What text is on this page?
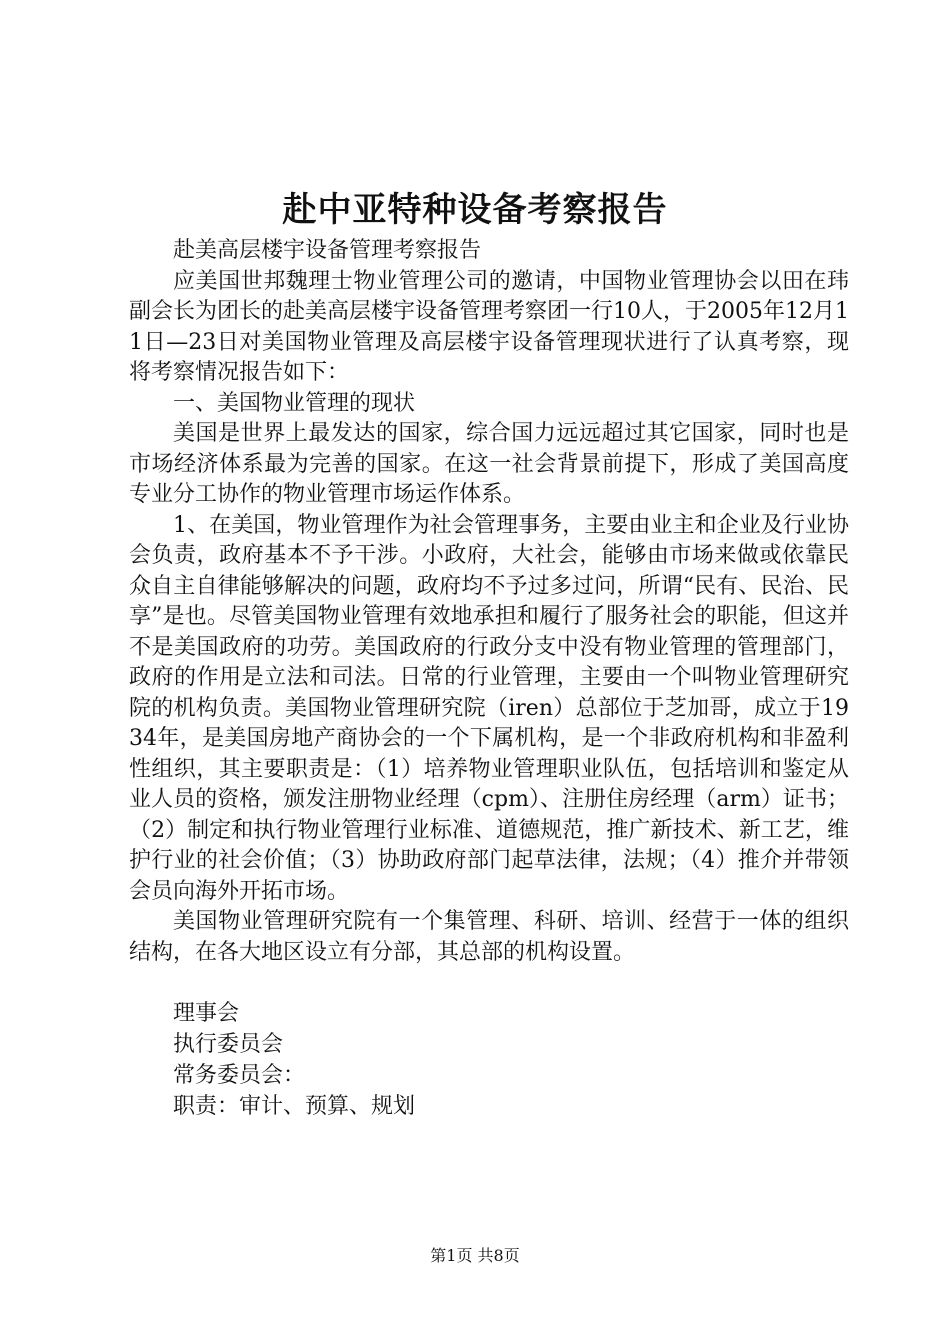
赴中亚特种设备考察报告

赴美高层楼宇设备管理考察报告

应美国世邦魏理士物业管理公司的邀请，中国物业管理协会以田在玮副会长为团长的赴美高层楼宇设备管理考察团一行10人，于2005年12月11日—23日对美国物业管理及高层楼宇设备管理现状进行了认真考察，现将考察情况报告如下：

一、美国物业管理的现状

美国是世界上最发达的国家，综合国力远远超过其它国家，同时也是市场经济体系最为完善的国家。在这一社会背景前提下，形成了美国高度专业分工协作的物业管理市场运作体系。

1、在美国，物业管理作为社会管理事务，主要由业主和企业及行业协会负责，政府基本不予干涉。小政府，大社会，能够由市场来做或依靠民众自主自律能够解决的问题，政府均不予过多过问，所谓“民有、民治、民享”是也。尽管美国物业管理有效地承担和履行了服务社会的职能，但这并不是美国政府的功劳。美国政府的行政分支中没有物业管理的管理部门，政府的作用是立法和司法。日常的行业管理，主要由一个叫物业管理研究院的机构负责。美国物业管理研究院（iren）总部位于芝加哥，成立于1934年，是美国房地产商协会的一个下属机构，是一个非政府机构和非盈利性组织，其主要职责是：（1）培养物业管理职业队伍，包括培训和鉴定从业人员的资格，颁发注册物业经理（cpm）、注册住房经理（arm）证书；（2）制定和执行物业管理行业标准、道德规范，推广新技术、新工艺，维护行业的社会价值；（3）协助政府部门起草法律，法规；（4）推介并带领会员向海外开拓市场。

美国物业管理研究院有一个集管理、科研、培训、经营于一体的组织结构，在各大地区设立有分部，其总部的机构设置。

理事会

执行委员会

常务委员会：

职责：审计、预算、规划

第1页 共8页
